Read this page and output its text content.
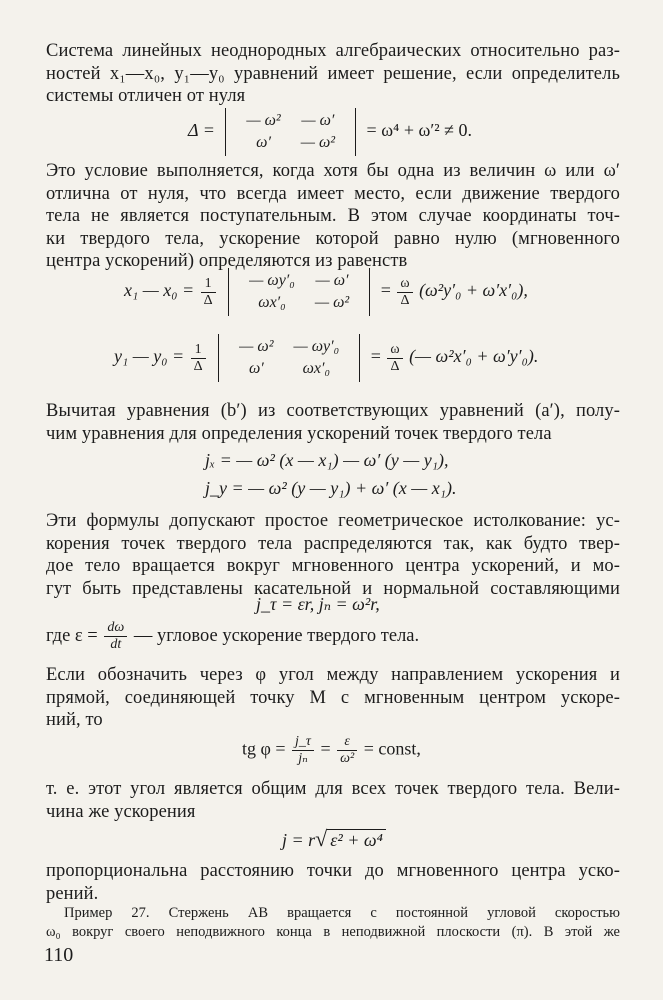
Система линейных неоднородных алгебраических относительно раз-
ностей x₁—x₀, y₁—y₀ уравнений имеет решение, если определитель
системы отличен от нуля
Δ = — ω²	— ω′
ω′	— ω²
= ω⁴ + ω′² ≠ 0.
Это условие выполняется, когда хотя бы одна из величин ω или ω′
отлична от нуля, что всегда имеет место, если движение твердого
тела не является поступательным. В этом случае координаты точ-
ки твердого тела, ускорение которой равно нулю (мгновенного
центра ускорений) определяются из равенств
x₁ — $x_0 = \frac{1}{\Delta}$
— ωy′₀	— ω′
ωx′₀	— ω²
= $\frac{\omega}{\Delta} (\omega^2y'_0 + \omega'x'_0)$,
y₁ — $y_0 = \frac{1}{\Delta}$
— ω²	— ωy′₀
ω′	ωx′₀
= $\frac{\omega}{\Delta}$ (— ω²x′₀ + ω′y′₀).
Вычитая уравнения (b′) из соответствующих уравнений (a′), полу-
чим уравнения для определения ускорений точек твердого тела
jₓ = — ω² (x — x₁) — ω′ (y — y₁),
j_y = — ω² (y — y₁) + ω′ (x — x₁).
Эти формулы допускают простое геометрическое истолкование: ус-
корения точек твердого тела распределяются так, как будто твер-
дое тело вращается вокруг мгновенного центра ускорений, и мо-
гут быть представлены касательной и нормальной составляющими
j_τ = εr, jₙ = ω²r,
где $\varepsilon = \frac{d\omega}{dt}$ — угловое ускорение твердого тела.
Если обозначить через φ угол между направлением ускорения и
прямой, соединяющей точку M с мгновенным центром ускоре-
ний, то
tg $\varphi = \frac{j\_\tau}{\text{jₙ}} = \frac{\varepsilon}{\text{ω²}}$ = const,
т. е. этот угол является общим для всех точек твердого тела. Вели-
чина же ускорения
j = r√ ε² + ω⁴
пропорциональна расстоянию точки до мгновенного центра уско-
рений.
Пример 27. Стержень AB вращается с постоянной угловой скоростью
ω₀ вокруг своего неподвижного конца в неподвижной плоскости (π). В этой же
110
